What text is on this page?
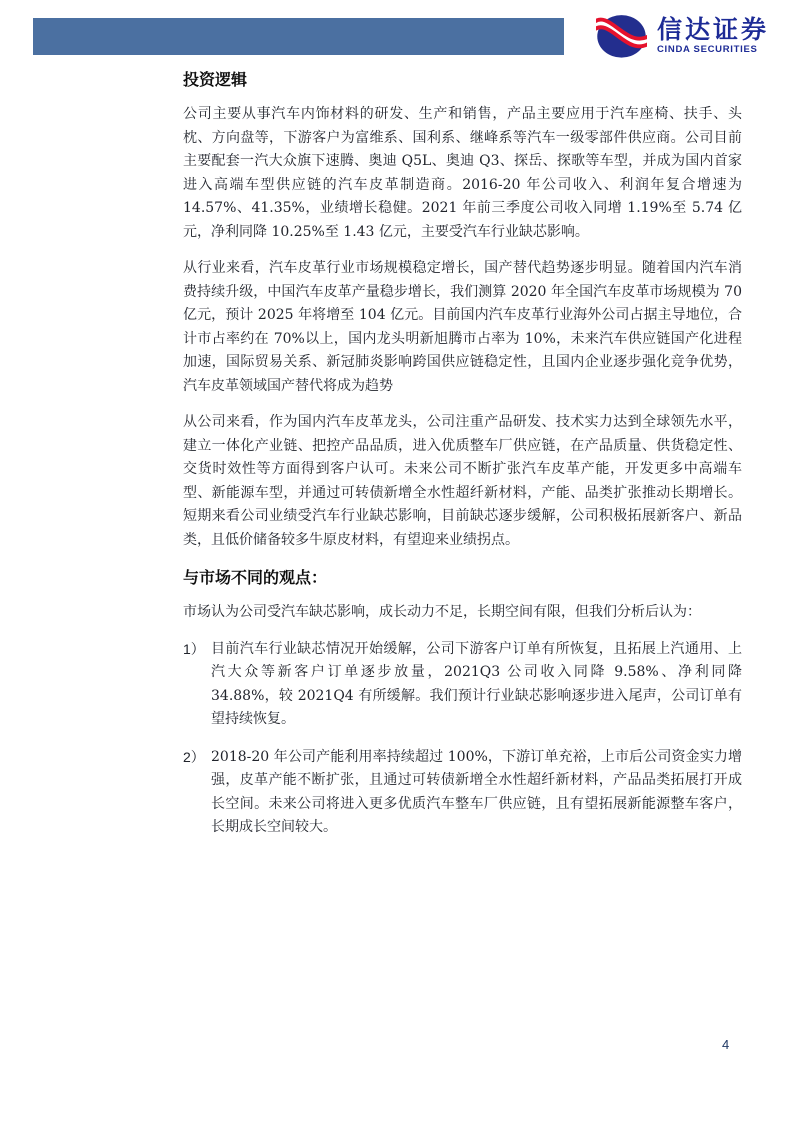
信达证券
CINDA SECURITIES
投资逻辑

公司主要从事汽车内饰材料的研发、生产和销售，产品主要应用于汽车座椅、扶手、头枕、方向盘等，下游客户为富维系、国利系、继峰系等汽车一级零部件供应商。公司目前主要配套一汽大众旗下速腾、奥迪 Q5L、奥迪 Q3、探岳、探歌等车型，并成为国内首家进入高端车型供应链的汽车皮革制造商。2016-20 年公司收入、利润年复合增速为 14.57%、41.35%，业绩增长稳健。2021 年前三季度公司收入同增 1.19%至 5.74 亿元，净利同降 10.25%至 1.43 亿元，主要受汽车行业缺芯影响。

从行业来看，汽车皮革行业市场规模稳定增长，国产替代趋势逐步明显。随着国内汽车消费持续升级，中国汽车皮革产量稳步增长，我们测算 2020 年全国汽车皮革市场规模为 70 亿元，预计 2025 年将增至 104 亿元。目前国内汽车皮革行业海外公司占据主导地位，合计市占率约在 70%以上，国内龙头明新旭腾市占率为 10%，未来汽车供应链国产化进程加速，国际贸易关系、新冠肺炎影响跨国供应链稳定性，且国内企业逐步强化竞争优势，汽车皮革领域国产替代将成为趋势

从公司来看，作为国内汽车皮革龙头，公司注重产品研发、技术实力达到全球领先水平，建立一体化产业链、把控产品品质，进入优质整车厂供应链，在产品质量、供货稳定性、交货时效性等方面得到客户认可。未来公司不断扩张汽车皮革产能，开发更多中高端车型、新能源车型，并通过可转债新增全水性超纤新材料，产能、品类扩张推动长期增长。短期来看公司业绩受汽车行业缺芯影响，目前缺芯逐步缓解，公司积极拓展新客户、新品类，且低价储备较多牛原皮材料，有望迎来业绩拐点。

与市场不同的观点：

市场认为公司受汽车缺芯影响，成长动力不足，长期空间有限，但我们分析后认为：

1） 目前汽车行业缺芯情况开始缓解，公司下游客户订单有所恢复，且拓展上汽通用、上汽大众等新客户订单逐步放量，2021Q3 公司收入同降 9.58%、净利同降 34.88%，较 2021Q4 有所缓解。我们预计行业缺芯影响逐步进入尾声，公司订单有望持续恢复。
2） 2018-20 年公司产能利用率持续超过 100%，下游订单充裕，上市后公司资金实力增强，皮革产能不断扩张，且通过可转债新增全水性超纤新材料，产品品类拓展打开成长空间。未来公司将进入更多优质汽车整车厂供应链，且有望拓展新能源整车客户，长期成长空间较大。
4
